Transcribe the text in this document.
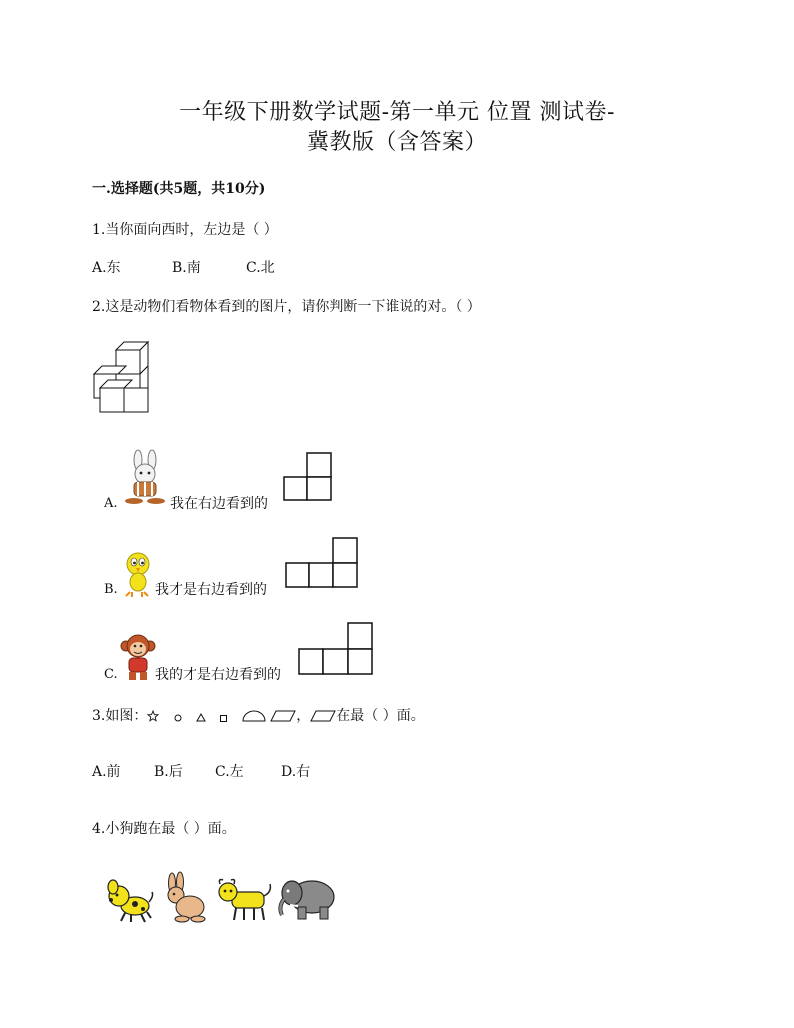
一年级下册数学试题-第一单元 位置 测试卷-
冀教版（含答案）
一.选择题(共5题，共10分)
1.当你面向西时，左边是（ ）
A.东	B.南	C.北
2.这是动物们看物体看到的图片，请你判断一下谁说的对。（ ）
A.	我在右边看到的
B.	我才是右边看到的
C.	我的才是右边看到的
3.如图：	， 在最（ ）面。
A.前 B.后 C.左	D.右
4.小狗跑在最（ ）面。
